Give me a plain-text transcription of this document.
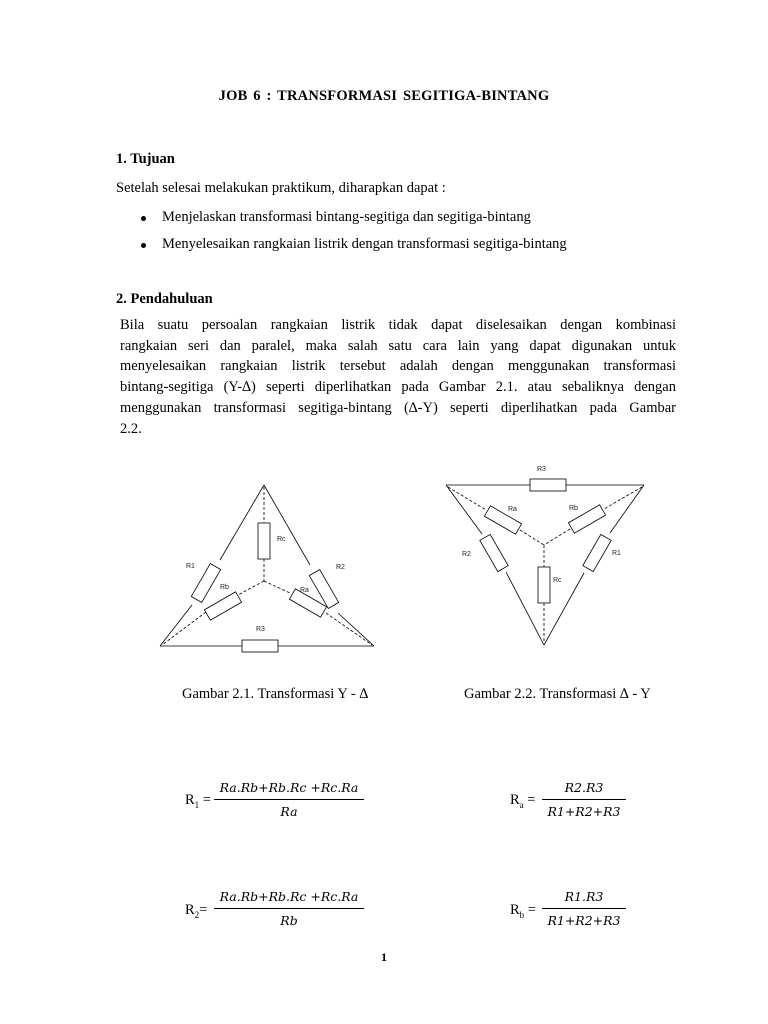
JOB 6 : TRANSFORMASI SEGITIGA-BINTANG
1. Tujuan
Setelah selesai melakukan praktikum, diharapkan dapat :
Menjelaskan transformasi bintang-segitiga dan segitiga-bintang
Menyelesaikan rangkaian listrik dengan transformasi segitiga-bintang
2. Pendahuluan
Bila suatu persoalan rangkaian listrik tidak dapat diselesaikan dengan kombinasi
rangkaian seri dan paralel, maka salah satu cara lain yang dapat digunakan untuk
menyelesaikan rangkaian listrik tersebut adalah dengan menggunakan transformasi
bintang-segitiga (Y-∆) seperti diperlihatkan pada Gambar 2.1. atau sebaliknya dengan
menggunakan transformasi segitiga-bintang (∆-Y) seperti diperlihatkan pada Gambar
2.2.
R1	R2
R3
Rc
Rb	Ra
R3
Ra	Rb
R2	R1
Rc
Gambar 2.1. Transformasi Y - ∆	Gambar 2.2. Transformasi ∆ - Y
$R_1 = \frac{Ra.Rb+Rb.Rc +Rc.Ra}{Ra}$	$R_a = \frac{R2.R3}{R1+R2+R3}$
$R_2= \frac{Ra.Rb+Rb.Rc +Rc.Ra}{Rb}$	$R_b = \frac{R1.R3}{R1+R2+R3}$
1
